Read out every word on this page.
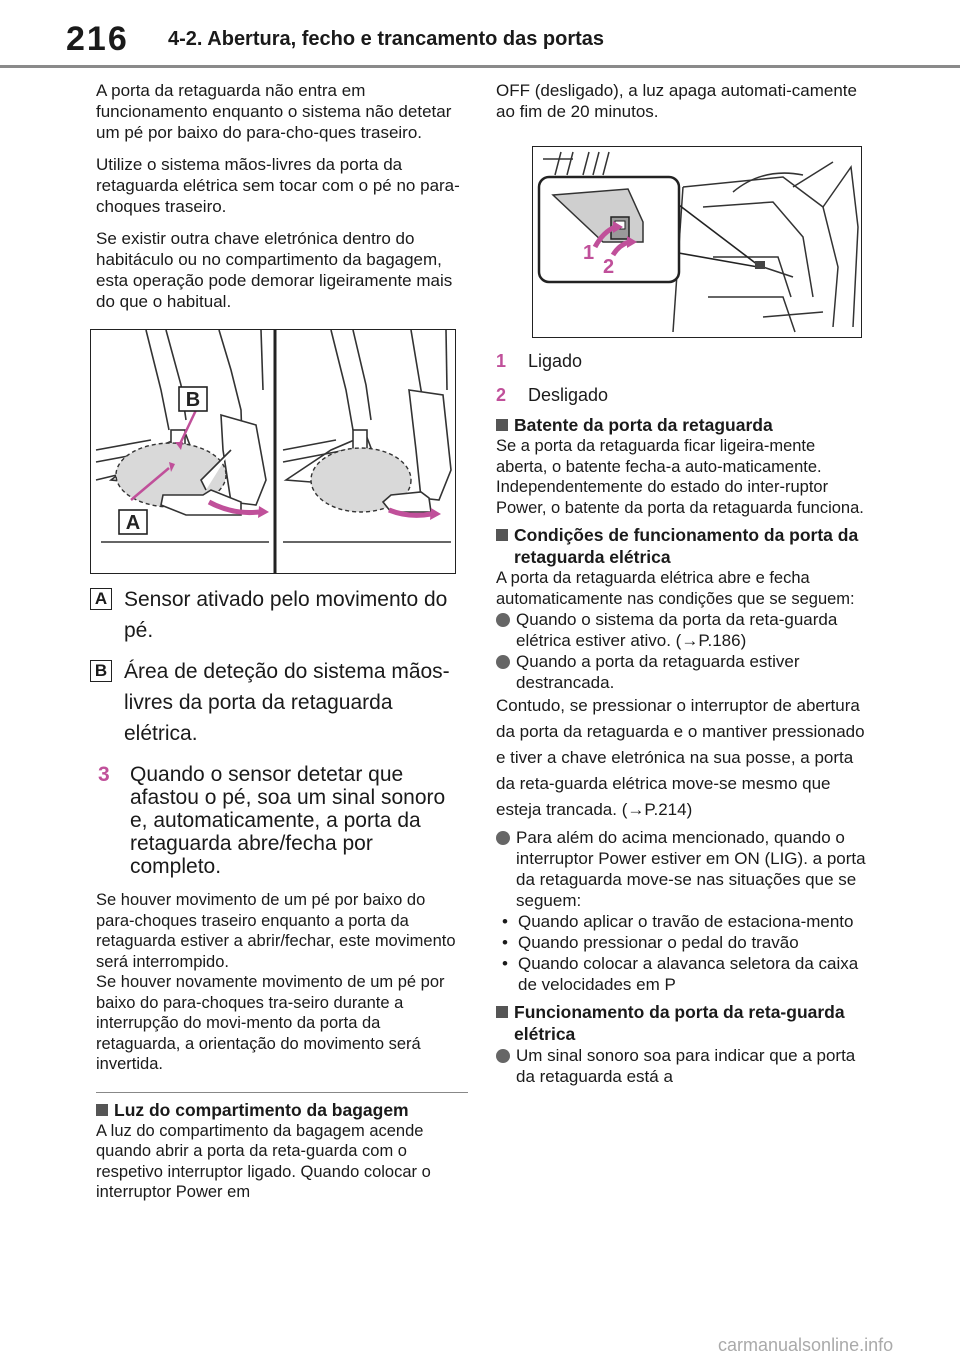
216 4-2. Abertura, fecho e trancamento das portas

A porta da retaguarda não entra em funcionamento enquanto o sistema não detetar um pé por baixo do para-cho-ques traseiro.

Utilize o sistema mãos-livres da porta da retaguarda elétrica sem tocar com o pé no para-choques traseiro.

Se existir outra chave eletrónica dentro do habitáculo ou no compartimento da bagagem, esta operação pode demorar ligeiramente mais do que o habitual.

B
A
A Sensor ativado pelo movimento do pé.
B Área de deteção do sistema mãos-livres da porta da retaguarda elétrica.
3 Quando o sensor detetar que afastou o pé, soa um sinal sonoro e, automaticamente, a porta da retaguarda abre/fecha por completo.

Se houver movimento de um pé por baixo do para-choques traseiro enquanto a porta da retaguarda estiver a abrir/fechar, este movimento será interrompido.

Se houver novamente movimento de um pé por baixo do para-choques tra-seiro durante a interrupção do movi-mento da porta da retaguarda, a orientação do movimento será invertida.

Luz do compartimento da bagagem

A luz do compartimento da bagagem acende quando abrir a porta da reta-guarda com o respetivo interruptor ligado. Quando colocar o interruptor Power em

OFF (desligado), a luz apaga automati-camente ao fim de 20 minutos.

1
2
1	Ligado
2	Desligado
Batente da porta da retaguarda

Se a porta da retaguarda ficar ligeira-mente aberta, o batente fecha-a auto-maticamente.

Independentemente do estado do inter-ruptor Power, o batente da porta da retaguarda funciona.

Condições de funcionamento da porta da retaguarda elétrica

A porta da retaguarda elétrica abre e fecha automaticamente nas condições que se seguem:

Quando o sistema da porta da reta-guarda elétrica estiver ativo. (→P.186)
Quando a porta da retaguarda estiver destrancada.

Contudo, se pressionar o interruptor de abertura da porta da retaguarda e o mantiver pressionado e tiver a chave eletrónica na sua posse, a porta da reta-guarda elétrica move-se mesmo que esteja trancada. (→P.214)

Para além do acima mencionado, quando o interruptor Power estiver em ON (LIG). a porta da retaguarda move-se nas situações que se seguem:
• Quando aplicar o travão de estaciona-mento
• Quando pressionar o pedal do travão
• Quando colocar a alavanca seletora da caixa de velocidades em P
Funcionamento da porta da reta-guarda elétrica
Um sinal sonoro soa para indicar que a porta da retaguarda está a
carmanualsonline.info
